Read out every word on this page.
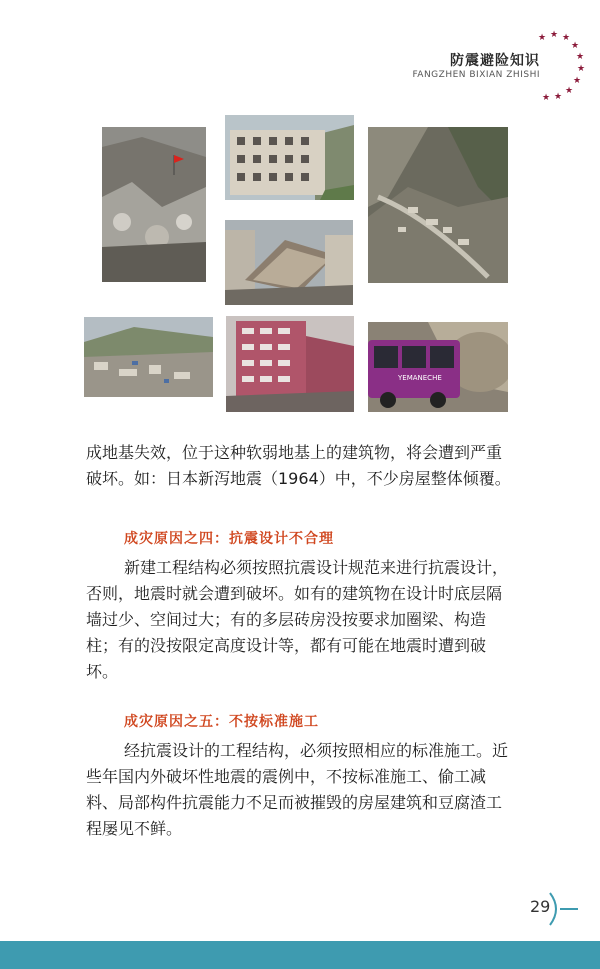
★ ★ ★
★
★
★
★
★
★
★
防震避险知识
FANGZHEN BIXIAN ZHISHI
YEMANECHE

成地基失效，位于这种软弱地基上的建筑物，将会遭到严重破坏。如：日本新泻地震（1964）中，不少房屋整体倾覆。

成灾原因之四：抗震设计不合理

新建工程结构必须按照抗震设计规范来进行抗震设计，否则，地震时就会遭到破坏。如有的建筑物在设计时底层隔墙过少、空间过大；有的多层砖房没按要求加圈梁、构造柱；有的没按限定高度设计等，都有可能在地震时遭到破坏。

成灾原因之五：不按标准施工

经抗震设计的工程结构，必须按照相应的标准施工。近些年国内外破坏性地震的震例中，不按标准施工、偷工减料、局部构件抗震能力不足而被摧毁的房屋建筑和豆腐渣工程屡见不鲜。

29
